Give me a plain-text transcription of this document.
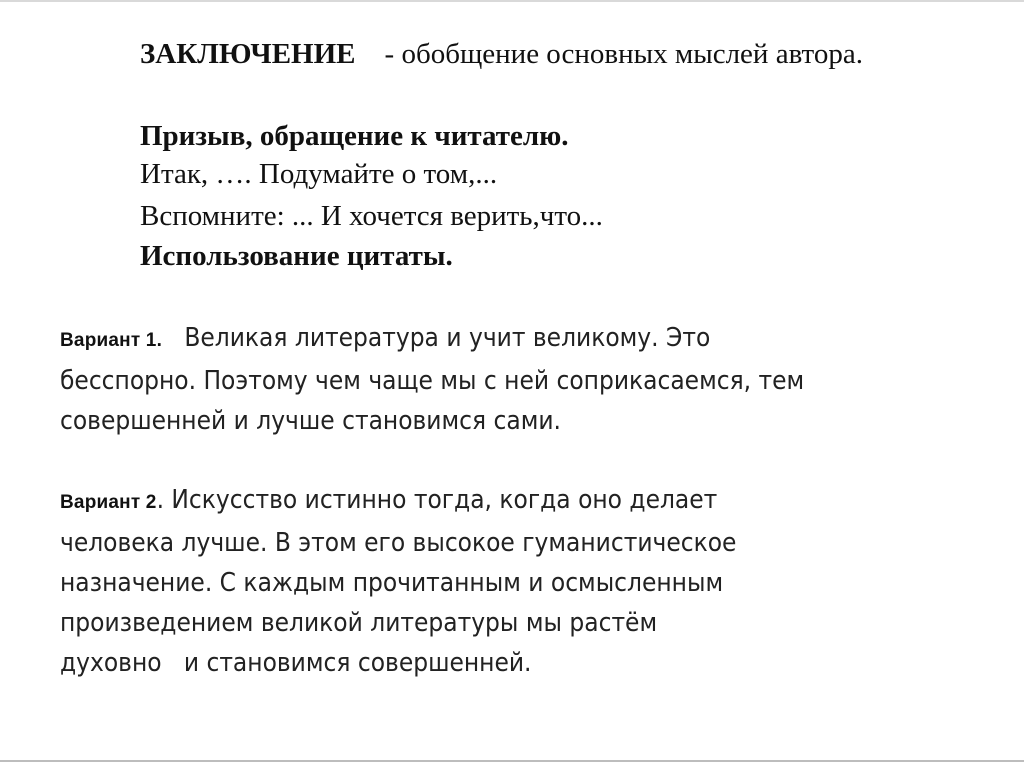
ЗАКЛЮЧЕНИЕ - обобщение основных мыслей автора.
Призыв, обращение к читателю.
Итак, …. Подумайте о том,...
Вспомните: ... И хочется верить,что...
Использование цитаты.
Вариант 1. Великая литература и учит великому. Это
бесспорно. Поэтому чем чаще мы с ней соприкасаемся, тем
совершенней и лучше становимся сами.
Вариант 2. Искусство истинно тогда, когда оно делает
человека лучше. В этом его высокое гуманистическое
назначение. С каждым прочитанным и осмысленным
произведением великой литературы мы растём
духовно   и становимся совершенней.
